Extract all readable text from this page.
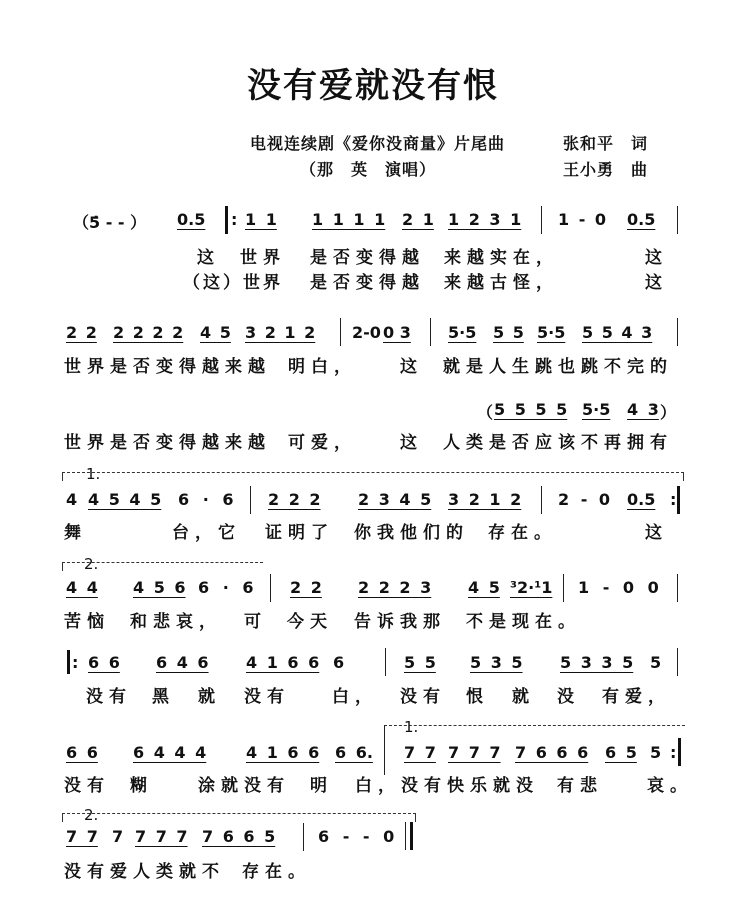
没有爱就没有恨
电视连续剧《爱你没商量》片尾曲
（那　英　演唱）
张和平　词
王小勇　曲
（5̇ - - ） 0.5 : 1 1 1 1 1 1 2 1 1 2 3 1 1 - 0 0.5
这 世界 是否变得越 来越实在，	这
（这）世界 是否变得越 来越古怪，	这
2 2 2 2 2 2 4 5 3 2 1 2 2-0 0 3 5·5 5 5 5·5 5 5 4 3
世界是否变得越来越 明白，	这 就是人生跳也跳不完的
（ 5 5 5 5 5·5 4 3 ）
世界是否变得越来越 可爱，	这 人类是否应该不再拥有
1.
4 4 5 4 5 6 · 6 2 2 2 2 3 4 5 3 2 1 2 2 - 0 0.5 :
舞	台，它 证明了 你我他们的 存在。	这
2.
4 4 4 5 6 6 · 6 2 2 2 2 2 3 4 5 ³2·¹1 1 - 0 0
苦恼 和悲哀， 可 今天 告诉我那 不是现在。
: 6 6 6 4 6 4 1 6 6 6	5 5 5 3 5 5 3 3 5 5
没有 黑 就 没有 白， 没有 恨 就 没 有爱，
1.
6 6 6 4 4 4 4 1 6 6 6 6. 7 7 7 7 7 7 6 6 6 6 5 5 :
没有 糊	涂就 没有 明 白，没有快乐就没 有悲	哀。
2.
7 7 7 7 7 7 7 6 6 5	6 - - 0
没有爱人类就不 存在。
